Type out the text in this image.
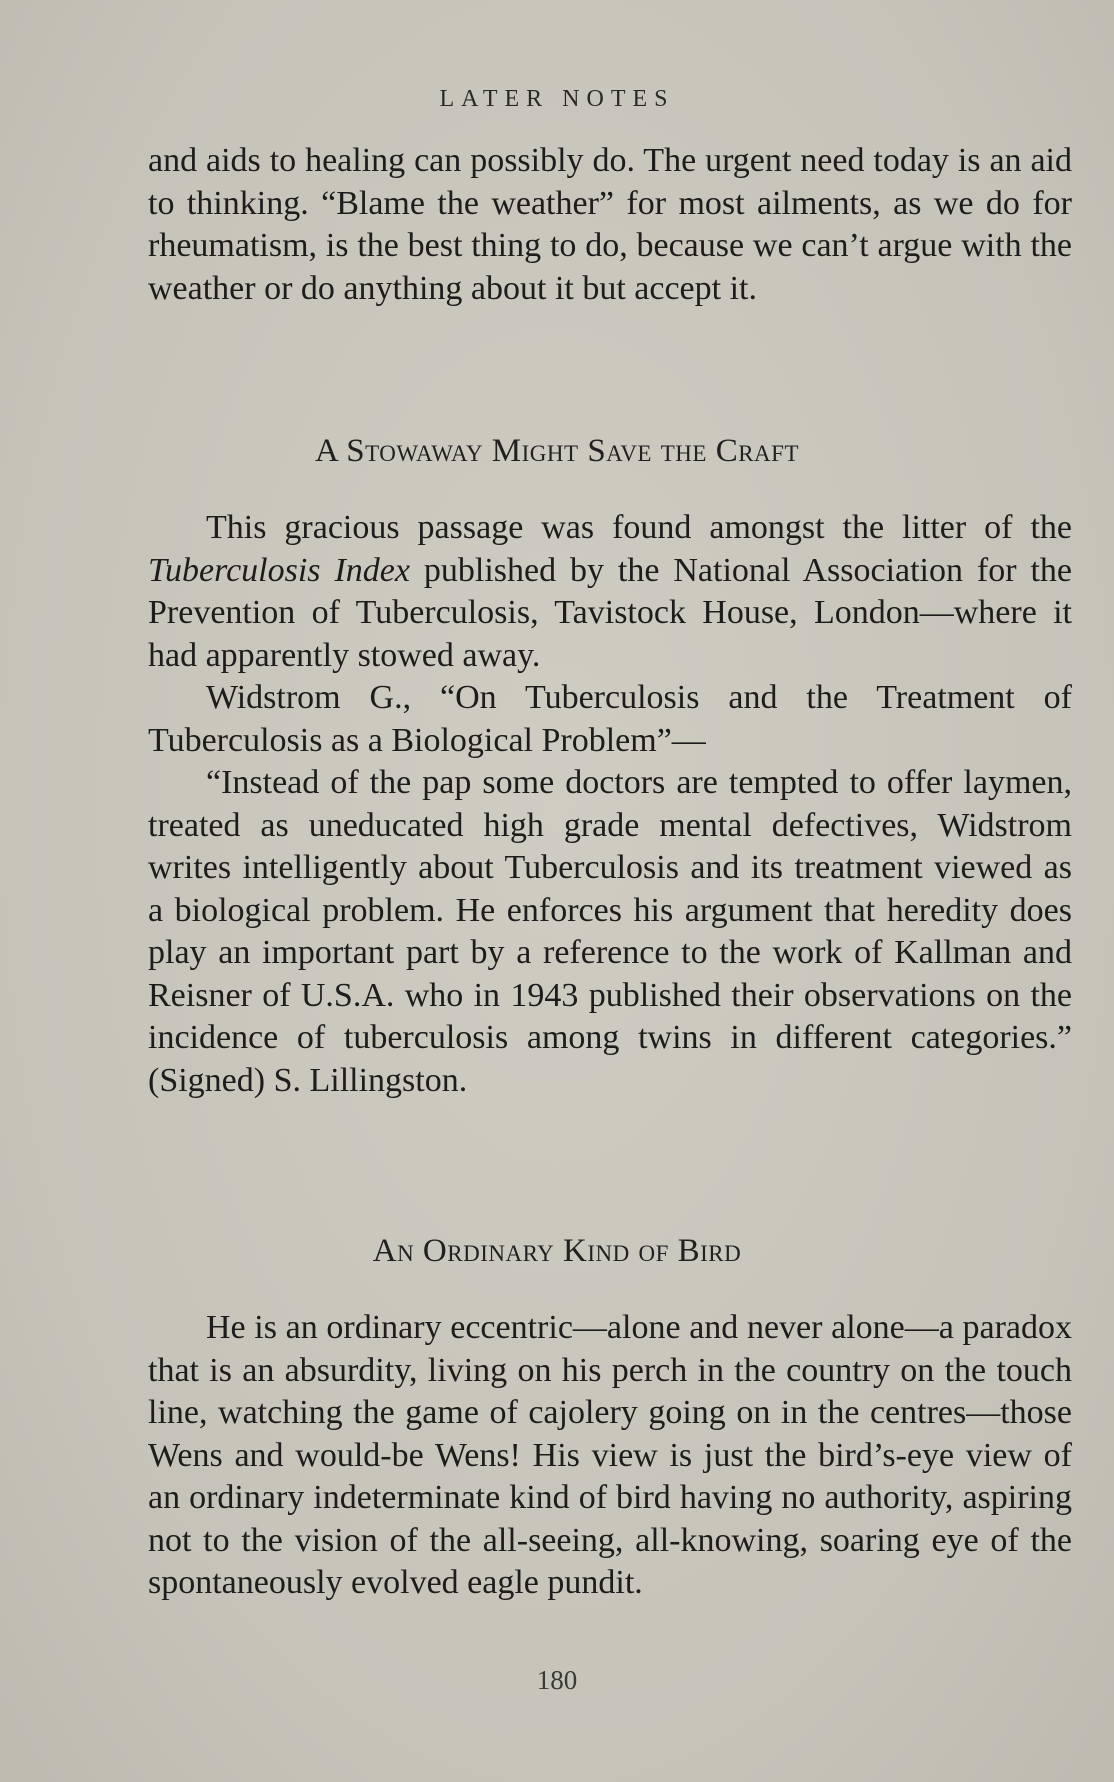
LATER NOTES

and aids to healing can possibly do. The urgent need today is an aid to thinking. “Blame the weather” for most ailments, as we do for rheumatism, is the best thing to do, because we can’t argue with the weather or do anything about it but accept it.

A Stowaway Might Save the Craft

This gracious passage was found amongst the litter of the Tuberculosis Index published by the National Association for the Prevention of Tuberculosis, Tavistock House, London—where it had apparently stowed away.

Widstrom G., “On Tuberculosis and the Treatment of Tuberculosis as a Biological Problem”—

“Instead of the pap some doctors are tempted to offer laymen, treated as uneducated high grade mental defectives, Widstrom writes intelligently about Tuberculosis and its treatment viewed as a biological problem. He enforces his argument that heredity does play an important part by a reference to the work of Kallman and Reisner of U.S.A. who in 1943 published their observations on the incidence of tuberculosis among twins in different categories.” (Signed) S. Lillingston.

An Ordinary Kind of Bird

He is an ordinary eccentric—alone and never alone—a paradox that is an absurdity, living on his perch in the country on the touch line, watching the game of cajolery going on in the centres—those Wens and would-be Wens! His view is just the bird’s-eye view of an ordinary indeterminate kind of bird having no authority, aspiring not to the vision of the all-seeing, all-knowing, soaring eye of the spontaneously evolved eagle pundit.

180
